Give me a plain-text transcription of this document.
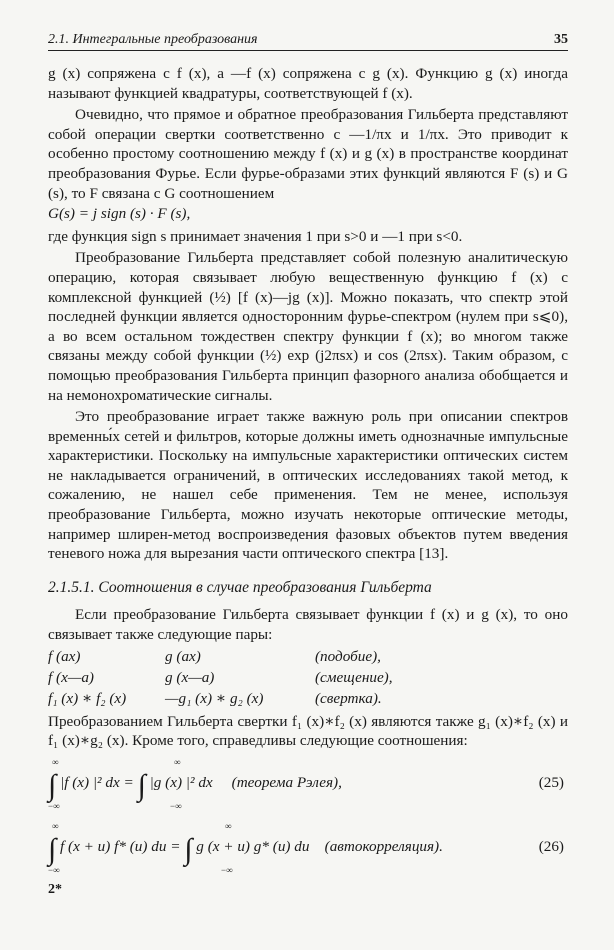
2.1. Интегральные преобразования	35

g (x) сопряжена с f (x), а —f (x) сопряжена с g (x). Функцию g (x) иногда называют функцией квадратуры, соответствующей f (x).

Очевидно, что прямое и обратное преобразования Гильберта представляют собой операции свертки соответственно с —1/πx и 1/πx. Это приводит к особенно простому соотношению между f (x) и g (x) в пространстве координат преобразования Фурье. Если фурье-образами этих функций являются F (s) и G (s), то F связана с G соотношением

G(s) = j sign (s) · F (s),

где функция sign s принимает значения 1 при s>0 и —1 при s<0.

Преобразование Гильберта представляет собой полезную аналитическую операцию, которая связывает любую вещественную функцию f (x) с комплексной функцией (½) [f (x)—jg (x)]. Можно показать, что спектр этой последней функции является односторонним фурье-спектром (нулем при s⩽0), а во всем остальном тождествен спектру функции f (x); во многом также связаны между собой функции (½) exp (j2πsx) и cos (2πsx). Таким образом, с помощью преобразования Гильберта принцип фазорного анализа обобщается и на немонохроматические сигналы.

Это преобразование играет также важную роль при описании спектров временны́х сетей и фильтров, которые должны иметь однозначные импульсные характеристики. Поскольку на импульсные характеристики оптических систем не накладывается ограничений, в оптических исследованиях такой метод, к сожалению, не нашел себе применения. Тем не менее, используя преобразование Гильберта, можно изучать некоторые оптические методы, например шлирен-метод воспроизведения фазовых объектов путем введения теневого ножа для вырезания части оптического спектра [13].

2.1.5.1. Соотношения в случае преобразования Гильберта

Если преобразование Гильберта связывает функции f (x) и g (x), то оно связывает также следующие пары:

f (ax)	g (ax)	(подобие),
f (x—a)	g (x—a)	(смещение),
f₁ (x) ∗ f₂ (x)	—g₁ (x) ∗ g₂ (x)	(свертка).

Преобразованием Гильберта свертки f₁ (x)∗f₂ (x) являются также g₁ (x)∗f₂ (x) и f₁ (x)∗g₂ (x). Кроме того, справедливы следующие соотношения:

∞
−∞
∞
−∞
∫ |f (x) |² dx = ∫ |g (x) |² dx (теорема Рэлея),	(25)
∞
−∞
∞
−∞
∫ f (x + u) f* (u) du = ∫ g (x + u) g* (u) du (автокорреляция).	(26)
2*
